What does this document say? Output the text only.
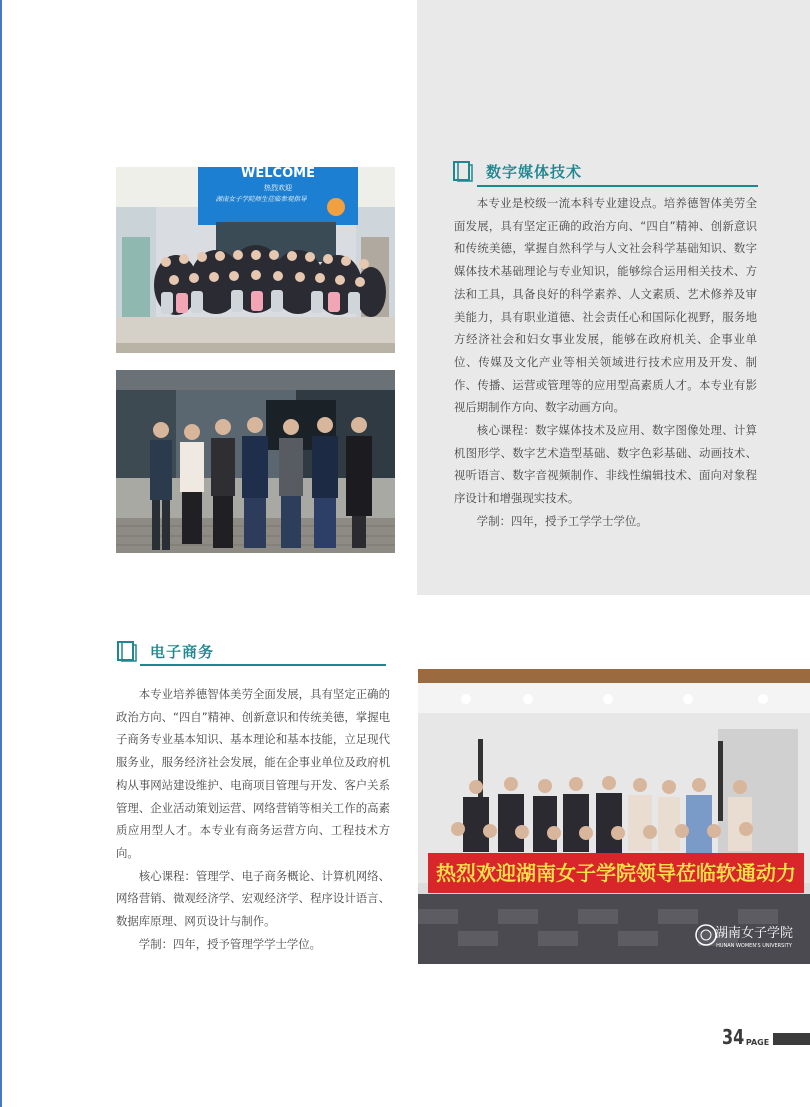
WELCOME
热烈欢迎
湖南女子学院师生莅临参观指导
数字媒体技术

本专业是校级一流本科专业建设点。培养德智体美劳全面发展，具有坚定正确的政治方向、“四自”精神、创新意识和传统美德，掌握自然科学与人文社会科学基础知识、数字媒体技术基础理论与专业知识，能够综合运用相关技术、方法和工具，具备良好的科学素养、人文素质、艺术修养及审美能力，具有职业道德、社会责任心和国际化视野，服务地方经济社会和妇女事业发展，能够在政府机关、企事业单位、传媒及文化产业等相关领域进行技术应用及开发、制作、传播、运营或管理等的应用型高素质人才。本专业有影视后期制作方向、数字动画方向。

核心课程：数字媒体技术及应用、数字图像处理、计算机图形学、数字艺术造型基础、数字色彩基础、动画技术、视听语言、数字音视频制作、非线性编辑技术、面向对象程序设计和增强现实技术。

学制：四年，授予工学学士学位。

电子商务

本专业培养德智体美劳全面发展，具有坚定正确的政治方向、“四自”精神、创新意识和传统美德，掌握电子商务专业基本知识、基本理论和基本技能，立足现代服务业，服务经济社会发展，能在企事业单位及政府机构从事网站建设维护、电商项目管理与开发、客户关系管理、企业活动策划运营、网络营销等相关工作的高素质应用型人才。本专业有商务运营方向、工程技术方向。

核心课程：管理学、电子商务概论、计算机网络、网络营销、微观经济学、宏观经济学、程序设计语言、数据库原理、网页设计与制作。

学制：四年，授予管理学学士学位。

热烈欢迎湖南女子学院领导莅临软通动力
湖南女子学院
HUNAN WOMEN'S UNIVERSITY
34 PAGE
